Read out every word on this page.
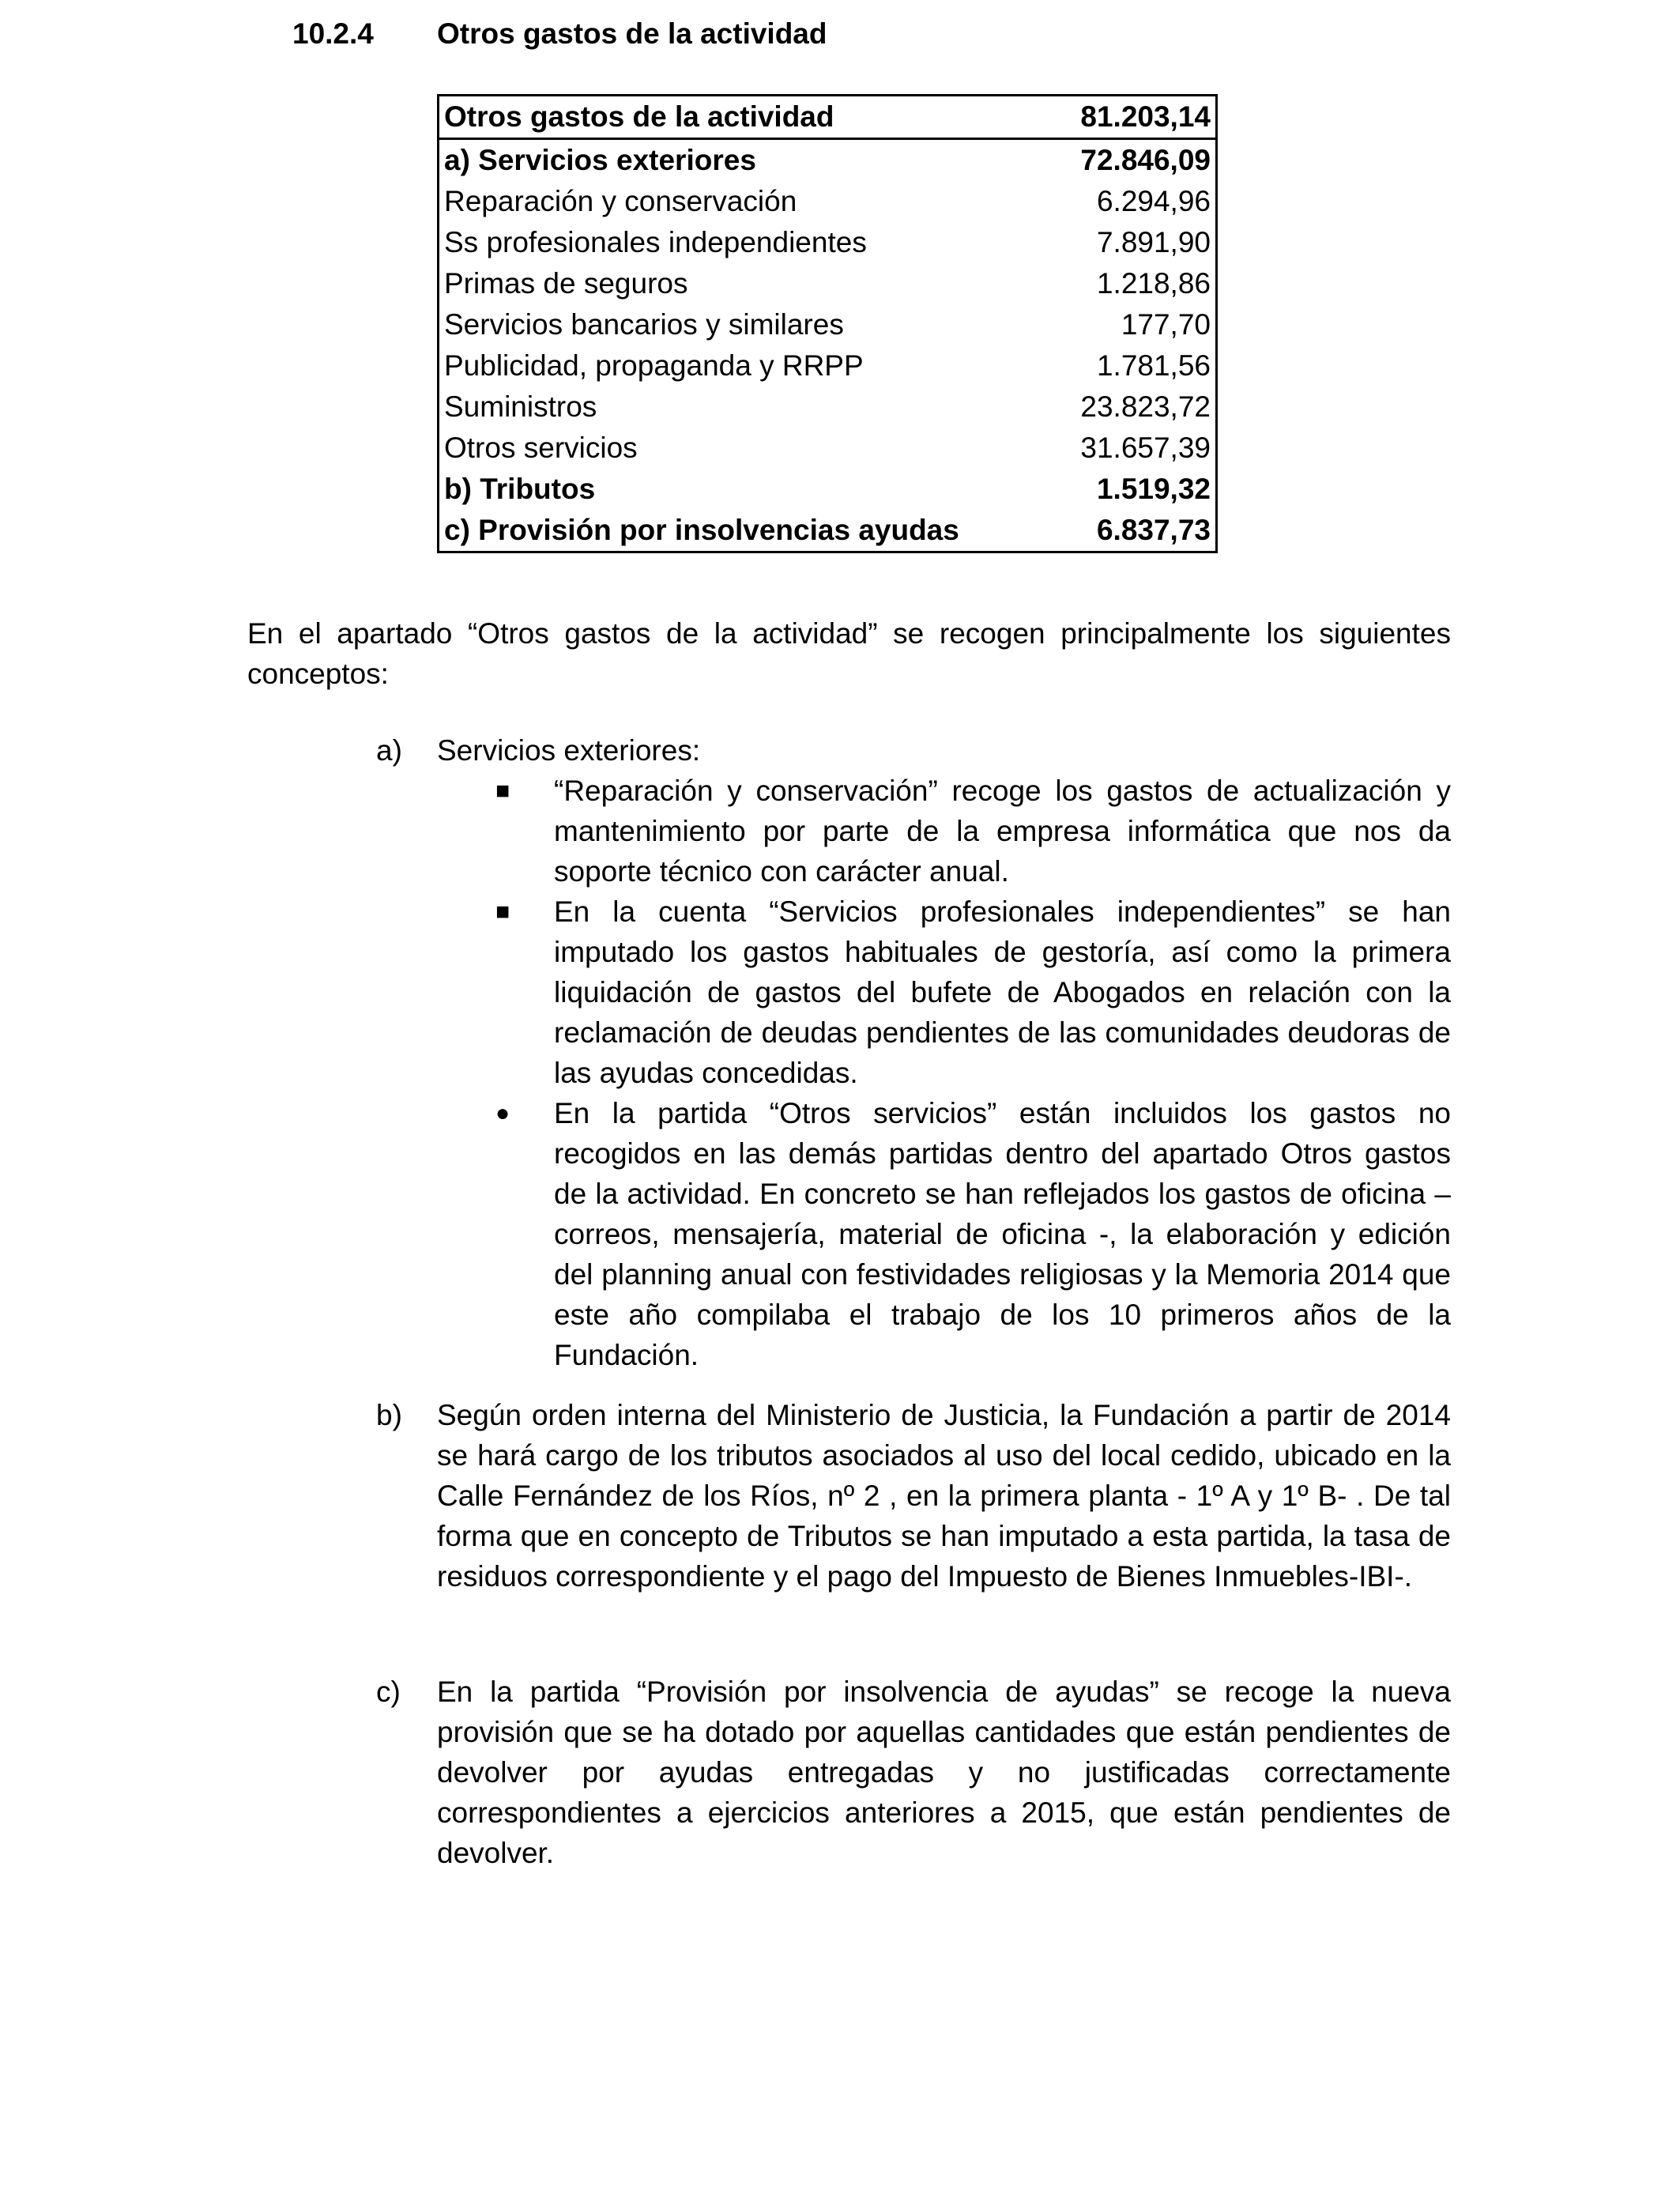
10.2.4 Otros gastos de la actividad
Otros gastos de la actividad	81.203,14
a) Servicios exteriores	72.846,09
Reparación y conservación	6.294,96
Ss profesionales independientes	7.891,90
Primas de seguros	1.218,86
Servicios bancarios y similares	177,70
Publicidad, propaganda y RRPP	1.781,56
Suministros	23.823,72
Otros servicios	31.657,39
b) Tributos	1.519,32
c) Provisión por insolvencias ayudas	6.837,73
En el apartado “Otros gastos de la actividad” se recogen principalmente los siguientes conceptos:
a) Servicios exteriores:
■ “Reparación y conservación” recoge los gastos de actualización y mantenimiento por parte de la empresa informática que nos da soporte técnico con carácter anual.
■ En la cuenta “Servicios profesionales independientes” se han imputado los gastos habituales de gestoría, así como la primera liquidación de gastos del bufete de Abogados en relación con la reclamación de deudas pendientes de las comunidades deudoras de las ayudas concedidas.
● En la partida “Otros servicios” están incluidos los gastos no recogidos en las demás partidas dentro del apartado Otros gastos de la actividad. En concreto se han reflejados los gastos de oficina – correos, mensajería, material de oficina -, la elaboración y edición del planning anual con festividades religiosas y la Memoria 2014 que este año compilaba el trabajo de los 10 primeros años de la Fundación.
b) Según orden interna del Ministerio de Justicia, la Fundación a partir de 2014 se hará cargo de los tributos asociados al uso del local cedido, ubicado en la Calle Fernández de los Ríos, nº 2 , en la primera planta - 1º A y 1º B- . De tal forma que en concepto de Tributos se han imputado a esta partida, la tasa de residuos correspondiente y el pago del Impuesto de Bienes Inmuebles-IBI-.
c) En la partida “Provisión por insolvencia de ayudas” se recoge la nueva provisión que se ha dotado por aquellas cantidades que están pendientes de devolver por ayudas entregadas y no justificadas correctamente correspondientes a ejercicios anteriores a 2015, que están pendientes de devolver.
